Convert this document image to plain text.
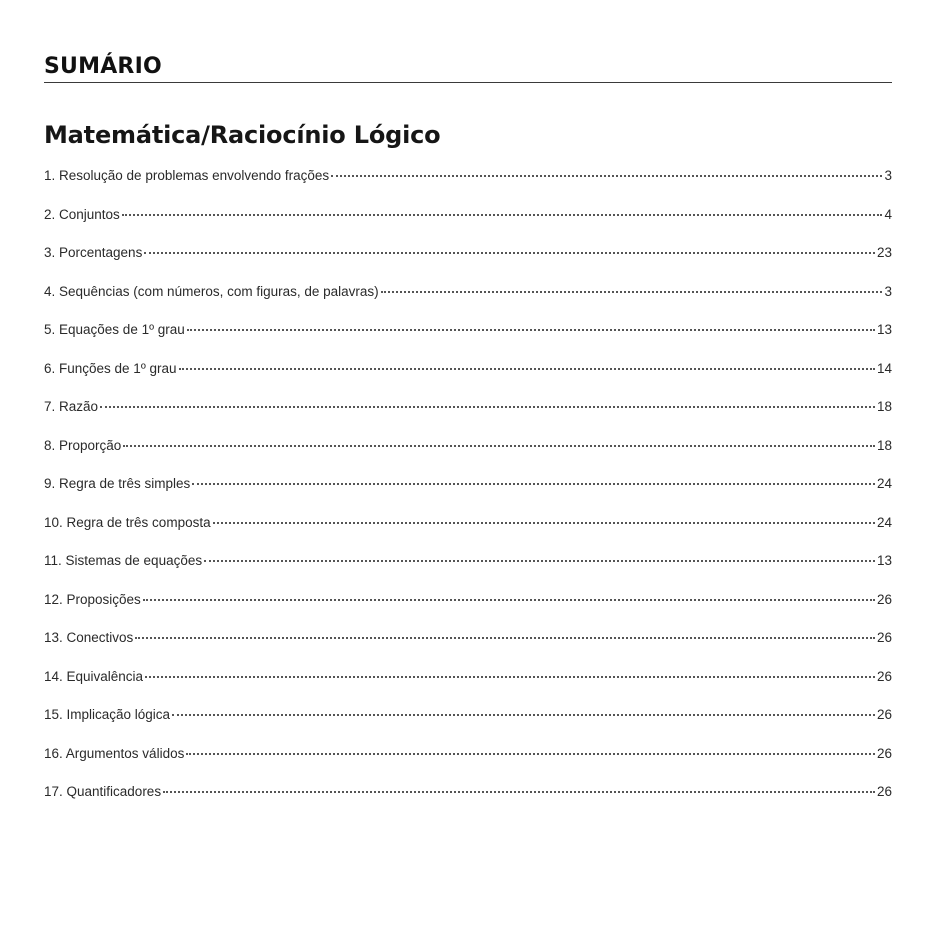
SUMÁRIO
Matemática/Raciocínio Lógico
1. Resolução de problemas envolvendo frações	3
2. Conjuntos	4
3. Porcentagens	23
4. Sequências (com números, com figuras, de palavras)	3
5. Equações de 1º grau	13
6. Funções de 1º grau	14
7. Razão	18
8. Proporção	18
9. Regra de três simples	24
10. Regra de três composta	24
11. Sistemas de equações	13
12. Proposições	26
13. Conectivos	26
14. Equivalência	26
15. Implicação lógica	26
16. Argumentos válidos	26
17. Quantificadores	26
